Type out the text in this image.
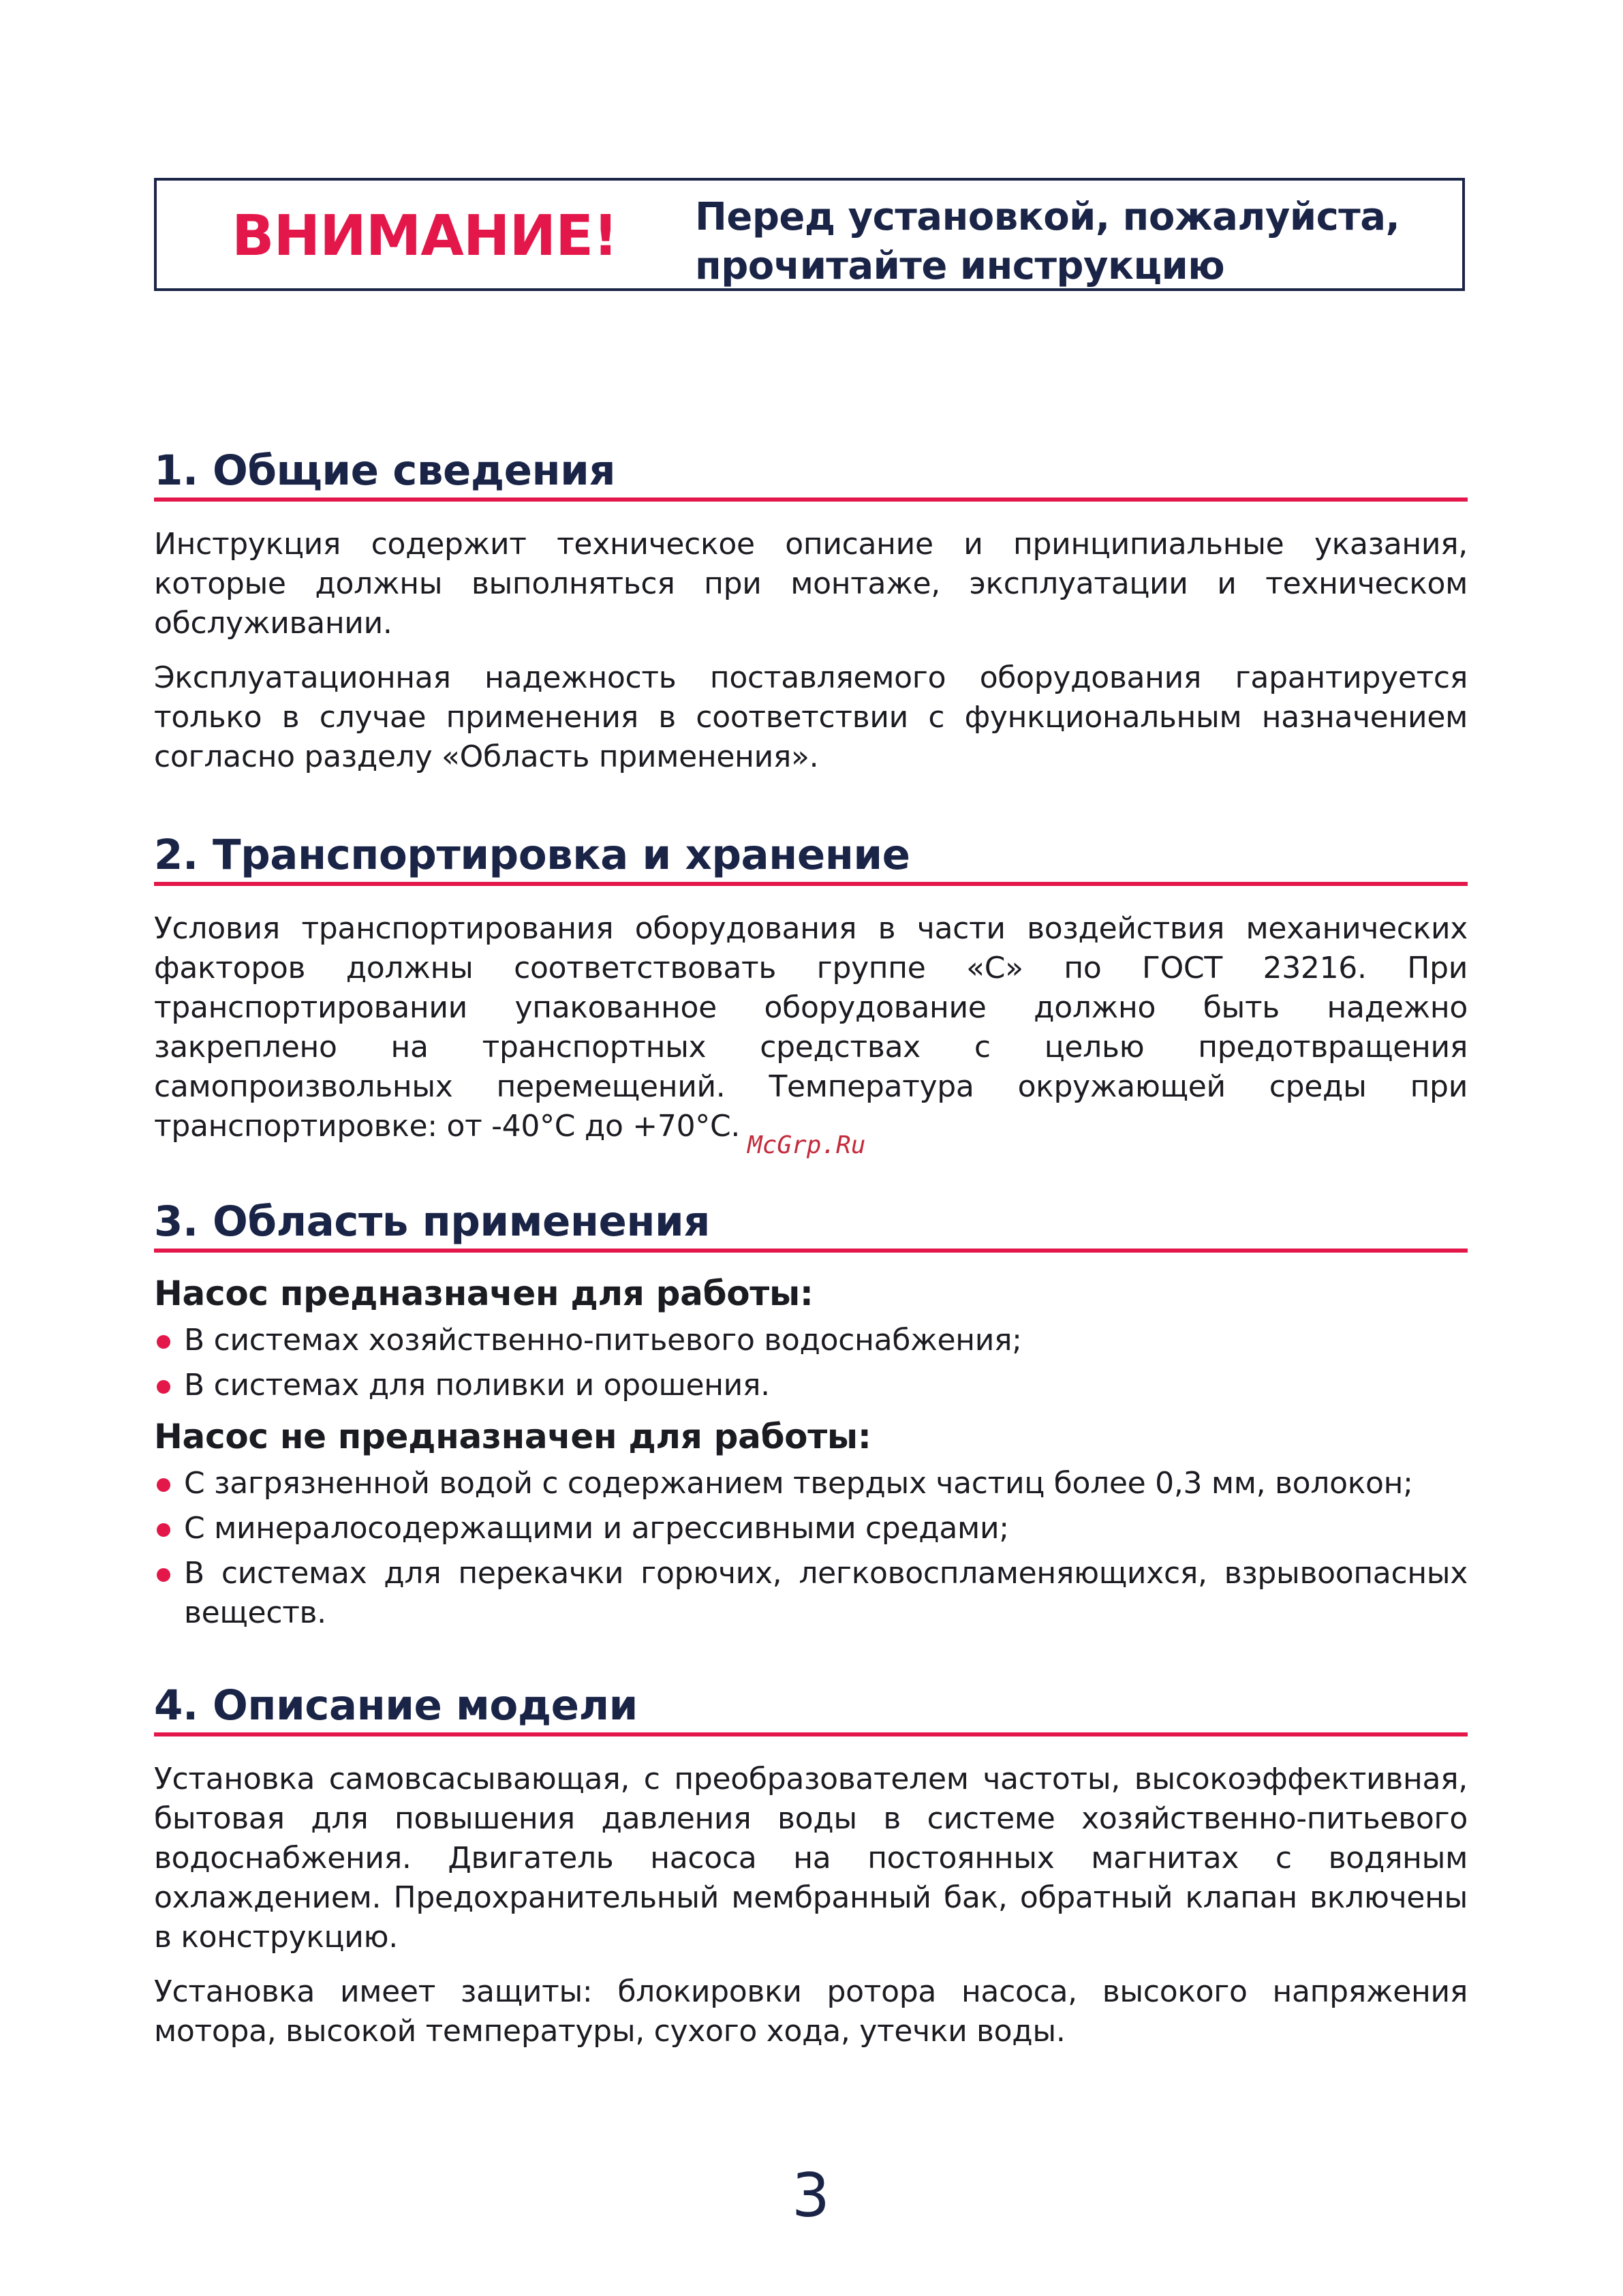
ВНИМАНИЕ! Перед установкой, пожалуйста,
прочитайте инструкцию
1. Общие сведения

Инструкция содержит техническое описание и принципиальные указания, которые должны выполняться при монтаже, эксплуатации и техническом обслуживании.

Эксплуатационная надежность поставляемого оборудования гарантируется только в случае применения в соответствии с функциональным назначением согласно разделу «Область применения».

2. Транспортировка и хранение

Условия транспортирования оборудования в части воздействия механических факторов должны соответствовать группе «С» по ГОСТ 23216. При транспортировании упакованное оборудование должно быть надежно закреплено на транспортных средствах с целью предотвращения самопроизвольных перемещений. Температура окружающей среды при транспортировке: от -40°С до +70°С.

McGrp.Ru
3. Область применения

Насос предназначен для работы:

В системах хозяйственно-питьевого водоснабжения;
В системах для поливки и орошения.

Насос не предназначен для работы:

С загрязненной водой с содержанием твердых частиц более 0,3 мм, волокон;
С минералосодержащими и агрессивными средами;
В системах для перекачки горючих, легковоспламеняющихся, взрывоопасных веществ.
4. Описание модели

Установка самовсасывающая, с преобразователем частоты, высокоэффективная, бытовая для повышения давления воды в системе хозяйственно-питьевого водоснабжения. Двигатель насоса на постоянных магнитах с водяным охлаждением. Предохранительный мембранный бак, обратный клапан включены в конструкцию.

Установка имеет защиты: блокировки ротора насоса, высокого напряжения мотора, высокой температуры, сухого хода, утечки воды.

3
